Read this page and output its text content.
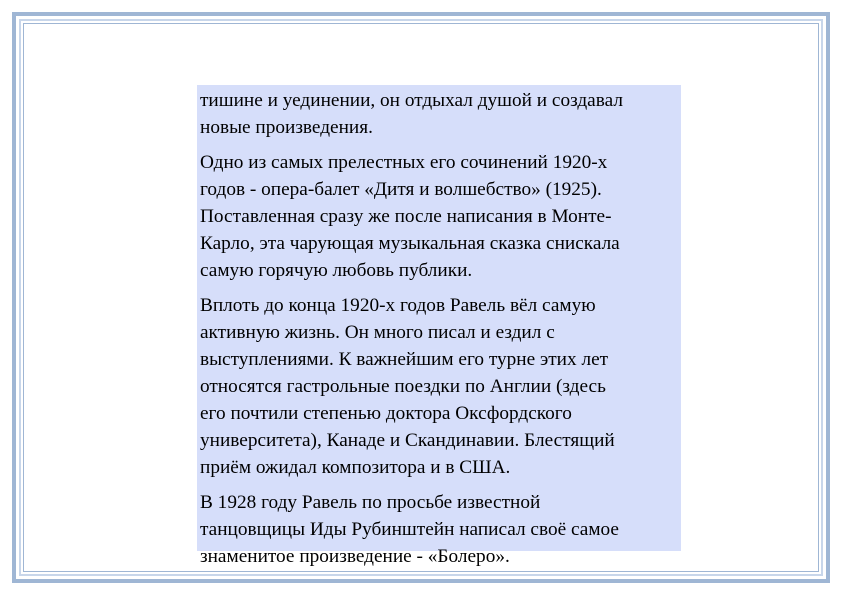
тишине и уединении, он отдыхал душой и создавал
новые произведения.

Одно из самых прелестных его сочинений 1920-х
годов - опера-балет «Дитя и волшебство» (1925).
Поставленная сразу же после написания в Монте-
Карло, эта чарующая музыкальная сказка снискала
самую горячую любовь публики.

Вплоть до конца 1920-х годов Равель вёл самую
активную жизнь. Он много писал и ездил с
выступлениями. К важнейшим его турне этих лет
относятся гастрольные поездки по Англии (здесь
его почтили степенью доктора Оксфордского
университета), Канаде и Скандинавии. Блестящий
приём ожидал композитора и в США.

В 1928 году Равель по просьбе известной
танцовщицы Иды Рубинштейн написал своё самое
знаменитое произведение - «Болеро».
